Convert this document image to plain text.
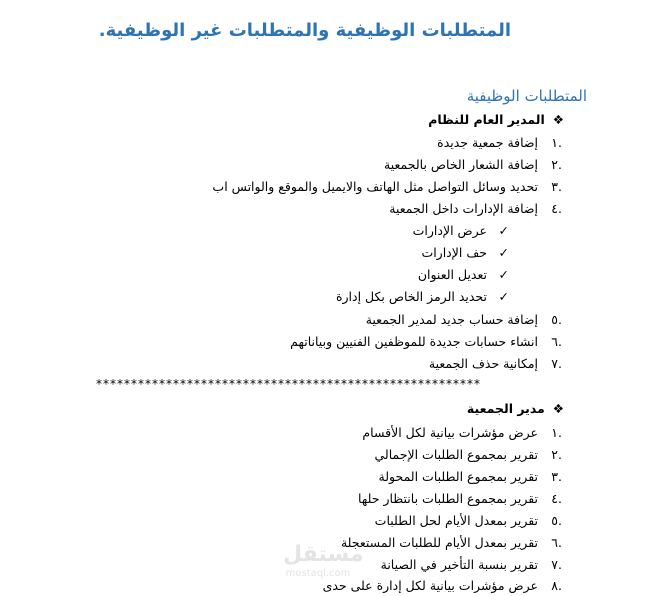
المتطلبات الوظيفية والمتطلبات غير الوظيفية.
المتطلبات الوظيفية
❖المدير العام للنظام
.١ إضافة جمعية جديدة
.٢ إضافة الشعار الخاص بالجمعية
.٣ تحديد وسائل التواصل مثل الهاتف والايميل والموقع والواتس اب
.٤ إضافة الإدارات داخل الجمعية
✓عرض الإدارات
✓حف الإدارات
✓تعديل العنوان
✓تحديد الرمز الخاص بكل إدارة
.٥ إضافة حساب جديد لمدير الجمعية
.٦ انشاء حسابات جديدة للموظفين الفنيين وبياناتهم
.٧ إمكانية حذف الجمعية
*******************************************************
❖مدير الجمعية
.١ عرض مؤشرات بيانية لكل الأقسام
.٢ تقرير بمجموع الطلبات الإجمالي
.٣ تقرير بمجموع الطلبات المحولة
.٤ تقرير بمجموع الطلبات بانتظار حلها
.٥ تقرير بمعدل الأيام لحل الطلبات
.٦ تقرير بمعدل الأيام للطلبات المستعجلة
.٧ تقرير بنسبة التأخير في الصيانة
.٨ عرض مؤشرات بيانية لكل إدارة على حدى
مستقل
mostaql.com
